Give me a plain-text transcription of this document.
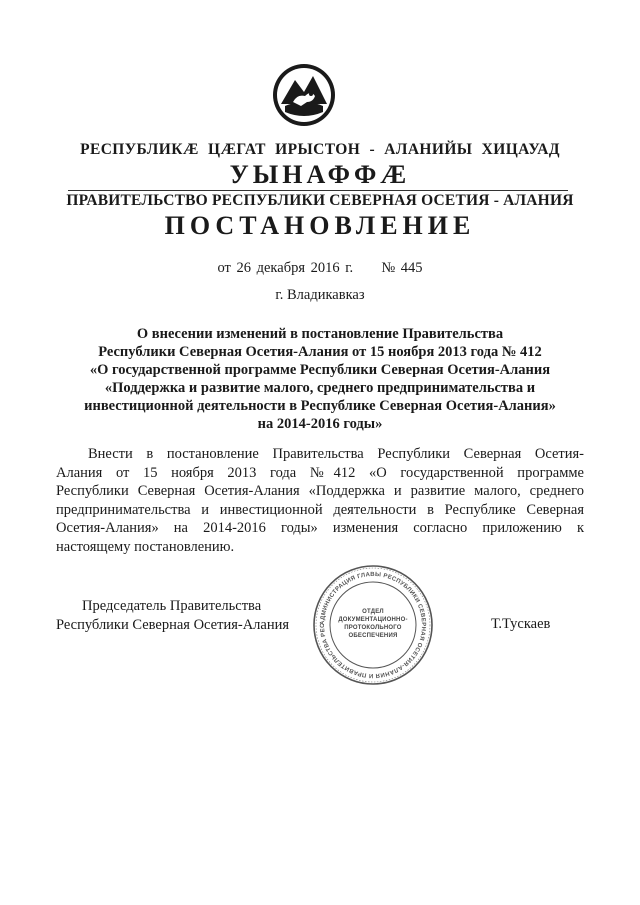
РЕСПУБЛИКӔ ЦӔГАТ ИРЫСТОН - АЛАНИЙЫ ХИЦАУАД
УЫНАФФӔ
ПРАВИТЕЛЬСТВО РЕСПУБЛИКИ СЕВЕРНАЯ ОСЕТИЯ - АЛАНИЯ
ПОСТАНОВЛЕНИЕ
от 26 декабря 2016 г. № 445
г. Владикавказ
О внесении изменений в постановление Правительства
Республики Северная Осетия-Алания от 15 ноября 2013 года № 412
«О государственной программе Республики Северная Осетия-Алания
«Поддержка и развитие малого, среднего предпринимательства и
инвестиционной деятельности в Республике Северная Осетия-Алания»
на 2014-2016 годы»
Внести в постановление Правительства Республики Северная Осетия-
Алания от 15 ноября 2013 года №412 «О государственной программе
Республики Северная Осетия-Алания «Поддержка и развитие малого, среднего
предпринимательства и инвестиционной деятельности в Республике Северная
Осетия-Алания» на 2014-2016 годы» изменения согласно приложению к
настоящему постановлению.
Председатель Правительства
Республики Северная Осетия-Алания	АДМИНИСТРАЦИЯ ГЛАВЫ РЕСПУБЛИКИ СЕВЕРНАЯ ОСЕТИЯ-АЛАНИЯ И ПРАВИТЕЛЬСТВА РЕС
ОТДЕЛ
ДОКУМЕНТАЦИОННО-
ПРОТОКОЛЬНОГО
ОБЕСПЕЧЕНИЯ
Т.Тускаев
